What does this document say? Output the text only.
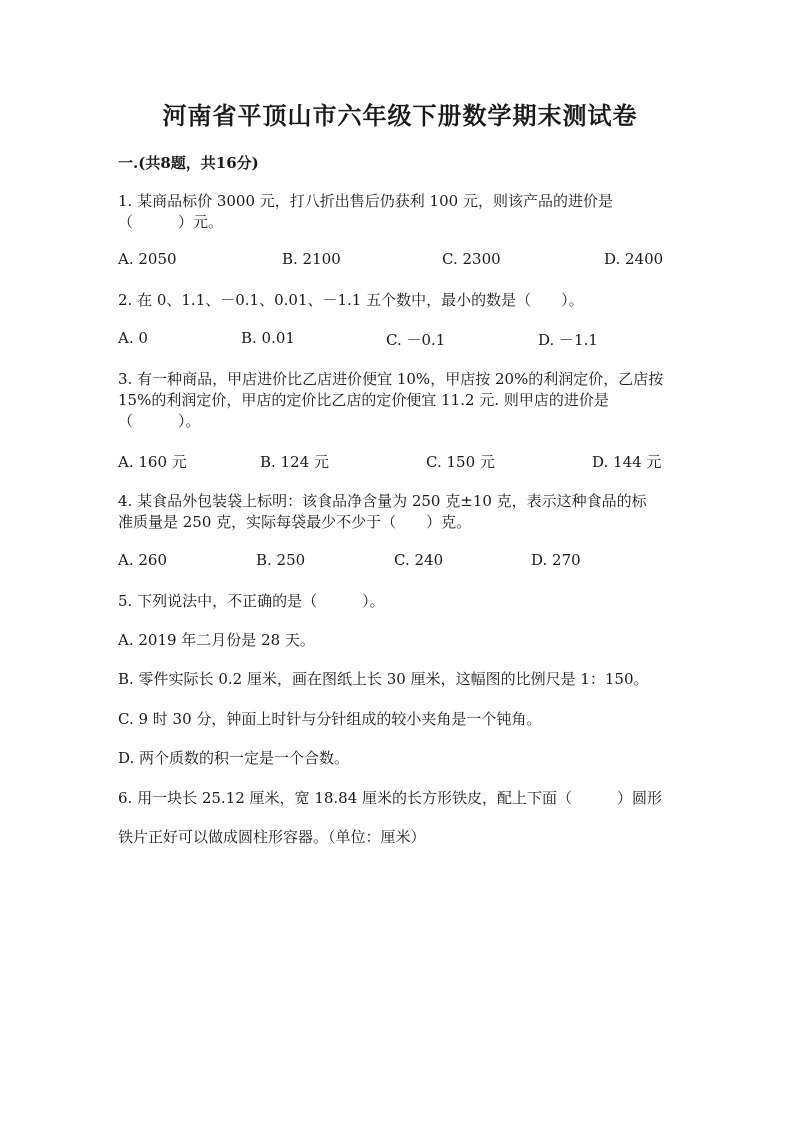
河南省平顶山市六年级下册数学期末测试卷
一.(共8题，共16分)
1. 某商品标价 3000 元，打八折出售后仍获利 100 元，则该产品的进价是
（　　　）元。
A. 2050	B. 2100	C. 2300	D. 2400
2. 在 0、1.1、－0.1、0.01、－1.1 五个数中，最小的数是（　　）。
A. 0	B. 0.01	C. －0.1	D. －1.1
3. 有一种商品，甲店进价比乙店进价便宜 10%，甲店按 20%的利润定价，乙店按
15%的利润定价，甲店的定价比乙店的定价便宜 11.2 元. 则甲店的进价是
（　　　）。
A. 160 元	B. 124 元	C. 150 元	D. 144 元
4. 某食品外包装袋上标明：该食品净含量为 250 克±10 克，表示这种食品的标
准质量是 250 克，实际每袋最少不少于（　　）克。
A. 260	B. 250	C. 240	D. 270
5. 下列说法中，不正确的是（　　　）。
A. 2019 年二月份是 28 天。
B. 零件实际长 0.2 厘米，画在图纸上长 30 厘米，这幅图的比例尺是 1：150。
C. 9 时 30 分，钟面上时针与分针组成的较小夹角是一个钝角。
D. 两个质数的积一定是一个合数。
6. 用一块长 25.12 厘米，宽 18.84 厘米的长方形铁皮，配上下面（　　　）圆形
铁片正好可以做成圆柱形容器。（单位：厘米）
